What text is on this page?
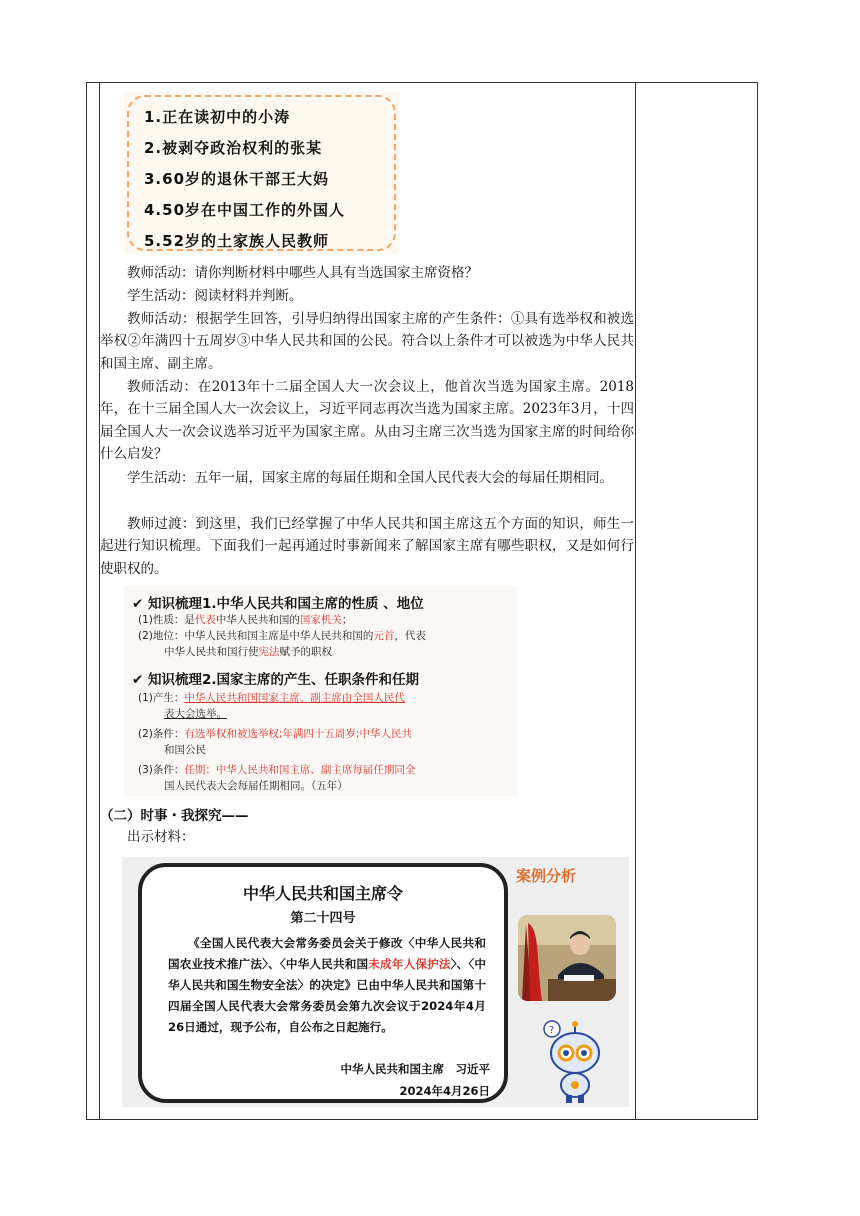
1.正在读初中的小涛
2.被剥夺政治权利的张某
3.60岁的退休干部王大妈
4.50岁在中国工作的外国人
5.52岁的土家族人民教师

教师活动：请你判断材料中哪些人具有当选国家主席资格？

学生活动：阅读材料并判断。

教师活动：根据学生回答，引导归纳得出国家主席的产生条件：①具有选举权和被选举权②年满四十五周岁③中华人民共和国的公民。符合以上条件才可以被选为中华人民共和国主席、副主席。

教师活动：在2013年十二届全国人大一次会议上，他首次当选为国家主席。2018年，在十三届全国人大一次会议上，习近平同志再次当选为国家主席。2023年3月，十四届全国人大一次会议选举习近平为国家主席。从由习主席三次当选为国家主席的时间给你什么启发？

学生活动：五年一届，国家主席的每届任期和全国人民代表大会的每届任期相同。

教师过渡：到这里，我们已经掌握了中华人民共和国主席这五个方面的知识，师生一起进行知识梳理。下面我们一起再通过时事新闻来了解国家主席有哪些职权，又是如何行使职权的。

✔ 知识梳理1.中华人民共和国主席的性质 、地位
(1)性质：是代表中华人民共和国的国家机关；
(2)地位：中华人民共和国主席是中华人民共和国的元首，代表
中华人民共和国行使宪法赋予的职权
✔ 知识梳理2.国家主席的产生、任职条件和任期
(1)产生：中华人民共和国国家主席、副主席由全国人民代
表大会选举。
(2)条件：有选举权和被选举权;年满四十五周岁;中华人民共
和国公民
(3)条件：任期：中华人民共和国主席、副主席每届任期同全
国人民代表大会每届任期相同。（五年）
（二）时事・我探究——

出示材料：

中华人民共和国主席令
第二十四号
《全国人民代表大会常务委员会关于修改〈中华人民共和国农业技术推广法〉、〈中华人民共和国未成年人保护法〉、〈中华人民共和国生物安全法〉的决定》已由中华人民共和国第十四届全国人民代表大会常务委员会第九次会议于2024年4月26日通过，现予公布，自公布之日起施行。
中华人民共和国主席　习近平
2024年4月26日
案例分析
?
